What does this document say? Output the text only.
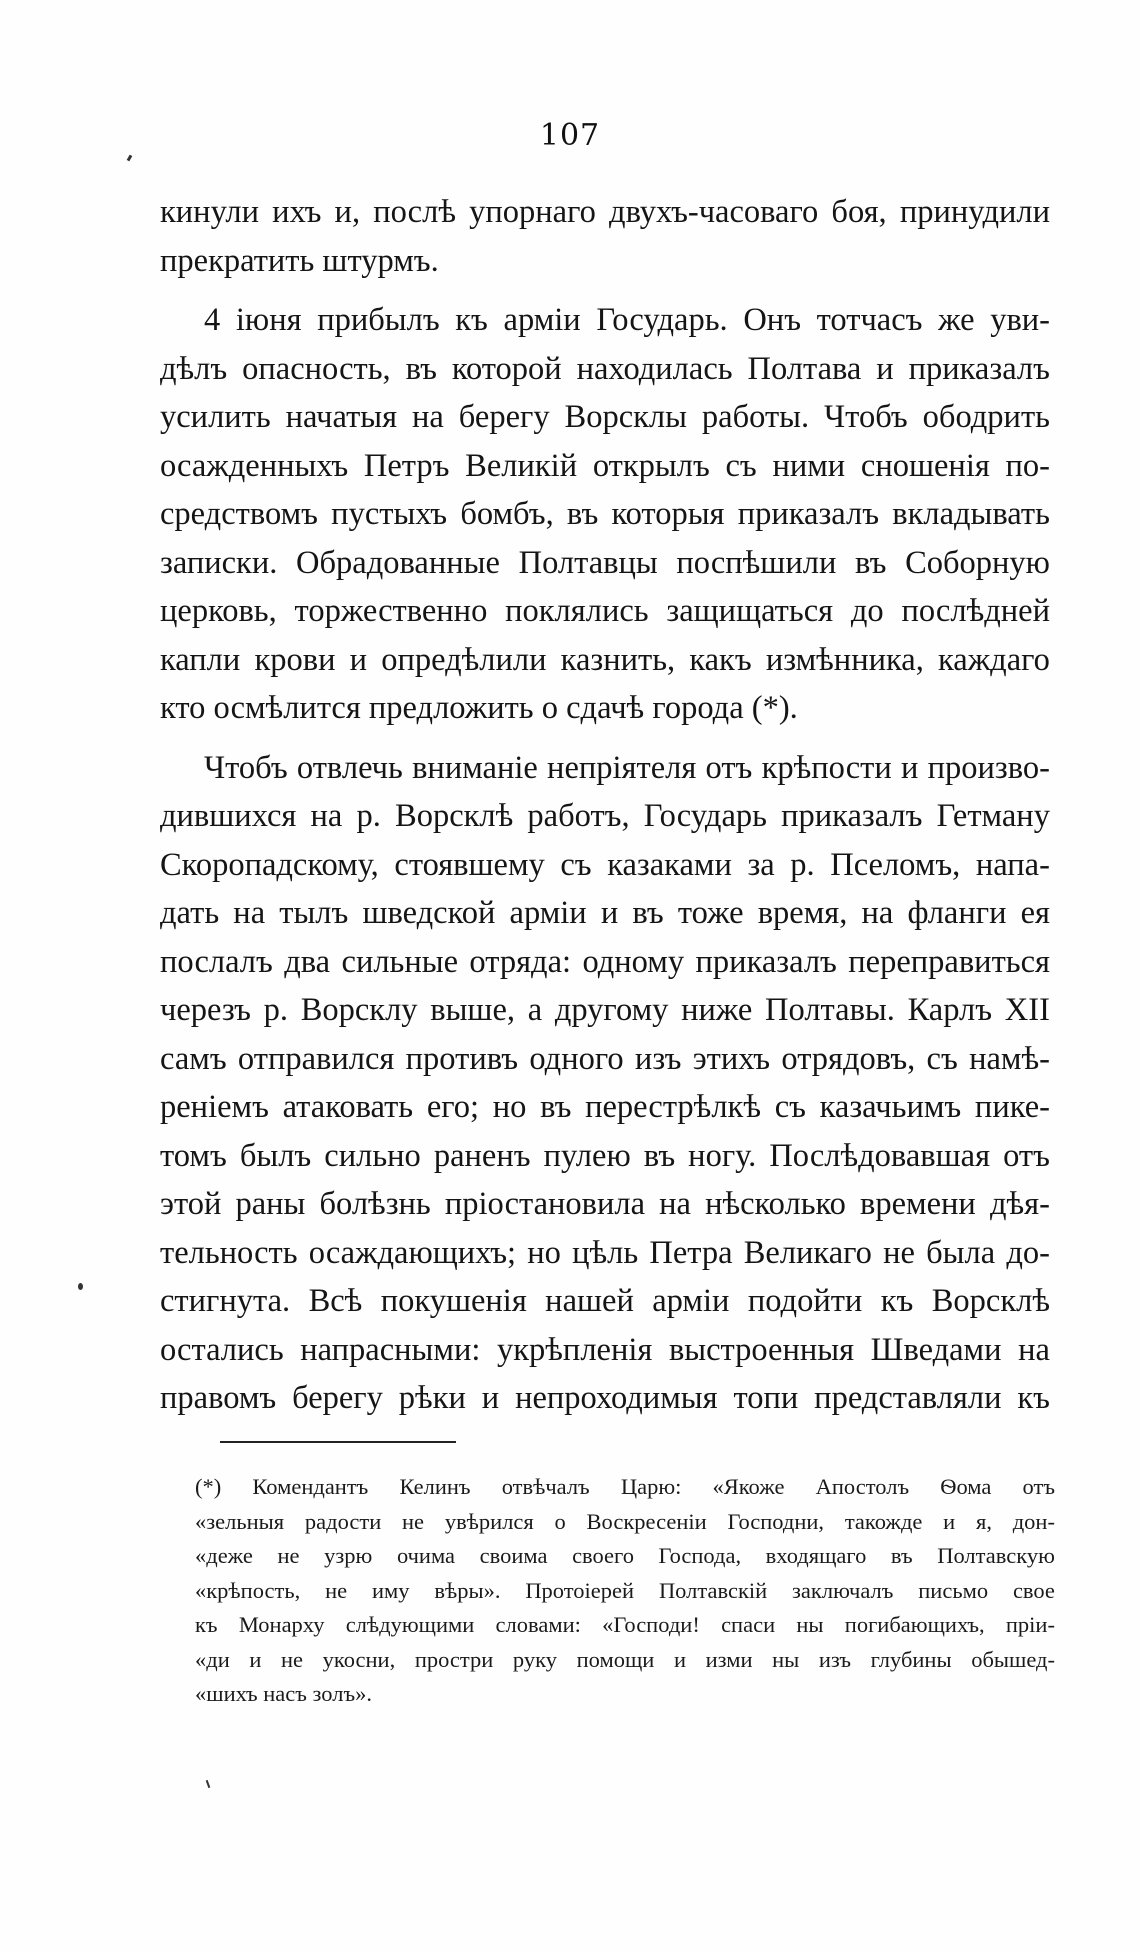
107
кинули ихъ и, послѣ упорнаго двухъ-часоваго боя, принудили
прекратить штурмъ.
4 іюня прибылъ къ арміи Государь. Онъ тотчасъ же уви-
дѣлъ опасность, въ которой находилась Полтава и приказалъ
усилить начатыя на берегу Ворсклы работы. Чтобъ ободрить
осажденныхъ Петръ Великій открылъ съ ними сношенія по-
средствомъ пустыхъ бомбъ, въ которыя приказалъ вкладывать
записки. Обрадованные Полтавцы поспѣшили въ Соборную
церковь, торжественно поклялись защищаться до послѣдней
капли крови и опредѣлили казнить, какъ измѣнника, каждаго
кто осмѣлится предложить о сдачѣ города (*).
Чтобъ отвлечь вниманіе непріятеля отъ крѣпости и произво-
дившихся на р. Ворсклѣ работъ, Государь приказалъ Гетману
Скоропадскому, стоявшему съ казаками за р. Пселомъ, напа-
дать на тылъ шведской арміи и въ тоже время, на фланги ея
послалъ два сильные отряда: одному приказалъ переправиться
черезъ р. Ворсклу выше, а другому ниже Полтавы. Карлъ XII
самъ отправился противъ одного изъ этихъ отрядовъ, съ намѣ-
реніемъ атаковать его; но въ перестрѣлкѣ съ казачьимъ пике-
томъ былъ сильно раненъ пулею въ ногу. Послѣдовавшая отъ
этой раны болѣзнь пріостановила на нѣсколько времени дѣя-
тельность осаждающихъ; но цѣль Петра Великаго не была до-
стигнута. Всѣ покушенія нашей арміи подойти къ Ворсклѣ
остались напрасными: укрѣпленія выстроенныя Шведами на
правомъ берегу рѣки и непроходимыя топи представляли къ
(*) Комендантъ Келинъ отвѣчалъ Царю: «Якоже Апостолъ Ѳома отъ
«зельныя радости не увѣрился о Воскресеніи Господни, такожде и я, дон-
«деже не узрю очима своима своего Господа, входящаго въ Полтавскую
«крѣпость, не иму вѣры». Протоіерей Полтавскій заключалъ письмо свое
къ Монарху слѣдующими словами: «Господи! спаси ны погибающихъ, пріи-
«ди и не укосни, простри руку помощи и изми ны изъ глубины обышед-
«шихъ насъ золъ».
